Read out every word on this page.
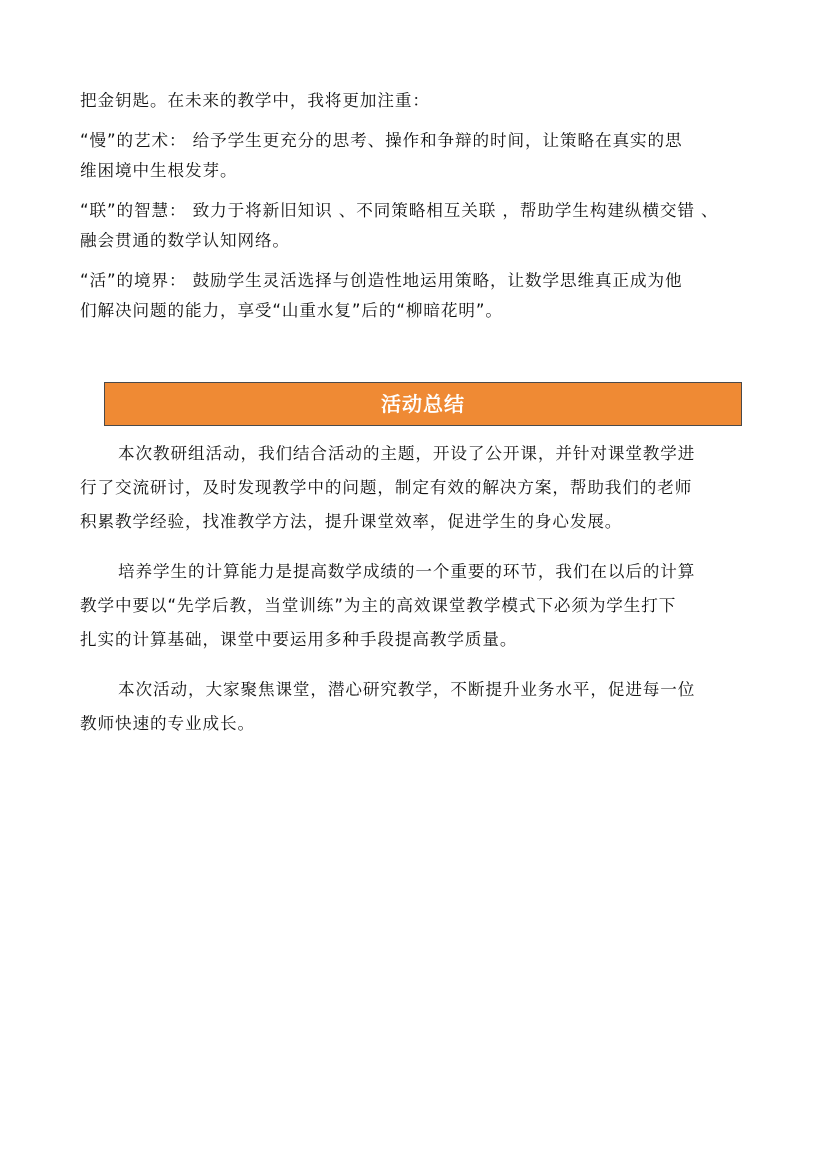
把金钥匙。在未来的教学中，我将更加注重：
“慢”的艺术： 给予学生更充分的思考、操作和争辩的时间，让策略在真实的思
维困境中生根发芽。
“联”的智慧： 致力于将新旧知识 、不同策略相互关联 ，帮助学生构建纵横交错 、
融会贯通的数学认知网络。
“活”的境界： 鼓励学生灵活选择与创造性地运用策略，让数学思维真正成为他
们解决问题的能力，享受“山重水复”后的“柳暗花明”。
活动总结
本次教研组活动，我们结合活动的主题，开设了公开课，并针对课堂教学进
行了交流研讨，及时发现教学中的问题，制定有效的解决方案，帮助我们的老师
积累教学经验，找准教学方法，提升课堂效率，促进学生的身心发展。
培养学生的计算能力是提高数学成绩的一个重要的环节，我们在以后的计算
教学中要以“先学后教，当堂训练”为主的高效课堂教学模式下必须为学生打下
扎实的计算基础，课堂中要运用多种手段提高教学质量。
本次活动，大家聚焦课堂，潜心研究教学，不断提升业务水平，促进每一位
教师快速的专业成长。
